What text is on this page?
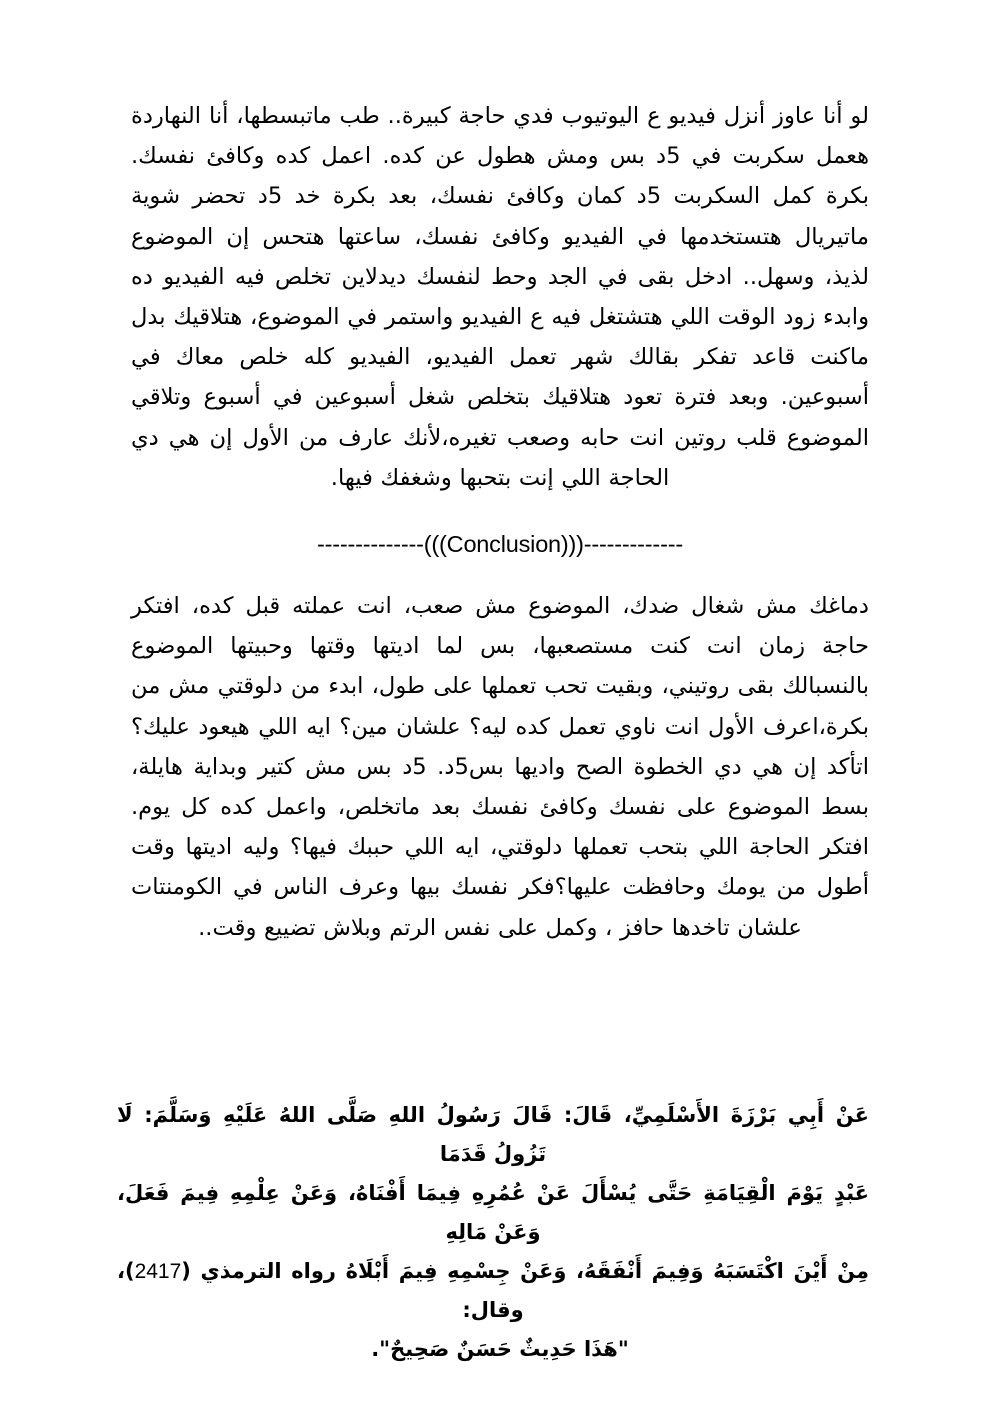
لو أنا عاوز أنزل فيديو ع اليوتيوب فدي حاجة كبيرة.. طب ماتبسطها، أنا النهاردة هعمل سكربت في 5د بس ومش هطول عن كده. اعمل كده وكافئ نفسك. بكرة كمل السكربت 5د كمان وكافئ نفسك، بعد بكرة خد 5د تحضر شوية ماتيريال هتستخدمها في الفيديو وكافئ نفسك، ساعتها هتحس إن الموضوع لذيذ، وسهل.. ادخل بقى في الجد وحط لنفسك ديدلاين تخلص فيه الفيديو ده وابدء زود الوقت اللي هتشتغل فيه ع الفيديو واستمر في الموضوع، هتلاقيك بدل ماكنت قاعد تفكر بقالك شهر تعمل الفيديو، الفيديو كله خلص معاك في أسبوعين. وبعد فترة تعود هتلاقيك بتخلص شغل أسبوعين في أسبوع وتلاقي الموضوع قلب روتين انت حابه وصعب تغيره،لأنك عارف من الأول إن هي دي الحاجة اللي إنت بتحبها وشغفك فيها.

--------------(((Conclusion)))-------------

دماغك مش شغال ضدك، الموضوع مش صعب، انت عملته قبل كده، افتكر حاجة زمان انت كنت مستصعبها، بس لما اديتها وقتها وحبيتها الموضوع بالنسبالك بقى روتيني، وبقيت تحب تعملها على طول، ابدء من دلوقتي مش من بكرة،اعرف الأول انت ناوي تعمل كده ليه؟ علشان مين؟ ايه اللي هيعود عليك؟اتأكد إن هي دي الخطوة الصح واديها بس5د. 5د بس مش كتير وبداية هايلة، بسط الموضوع على نفسك وكافئ نفسك بعد ماتخلص، واعمل كده كل يوم. افتكر الحاجة اللي بتحب تعملها دلوقتي، ايه اللي حببك فيها؟ وليه اديتها وقت أطول من يومك وحافظت عليها؟فكر نفسك بيها وعرف الناس في الكومنتات علشان تاخدها حافز ، وكمل على نفس الرتم وبلاش تضييع وقت..

عَنْ أَبِي بَرْزَةَ الأَسْلَمِيِّ، قَالَ: قَالَ رَسُولُ اللهِ صَلَّى اللهُ عَلَيْهِ وَسَلَّمَ: لَا تَزُولُ قَدَمَا

عَبْدٍ يَوْمَ الْقِيَامَةِ حَتَّى يُسْأَلَ عَنْ عُمُرِهِ فِيمَا أَفْنَاهُ، وَعَنْ عِلْمِهِ فِيمَ فَعَلَ، وَعَنْ مَالِهِ

مِنْ أَيْنَ اكْتَسَبَهُ وَفِيمَ أَنْفَقَهُ، وَعَنْ جِسْمِهِ فِيمَ أَبْلَاهُ رواه الترمذي (2417)، وقال:

"هَذَا حَدِيثٌ حَسَنٌ صَحِيحٌ".
